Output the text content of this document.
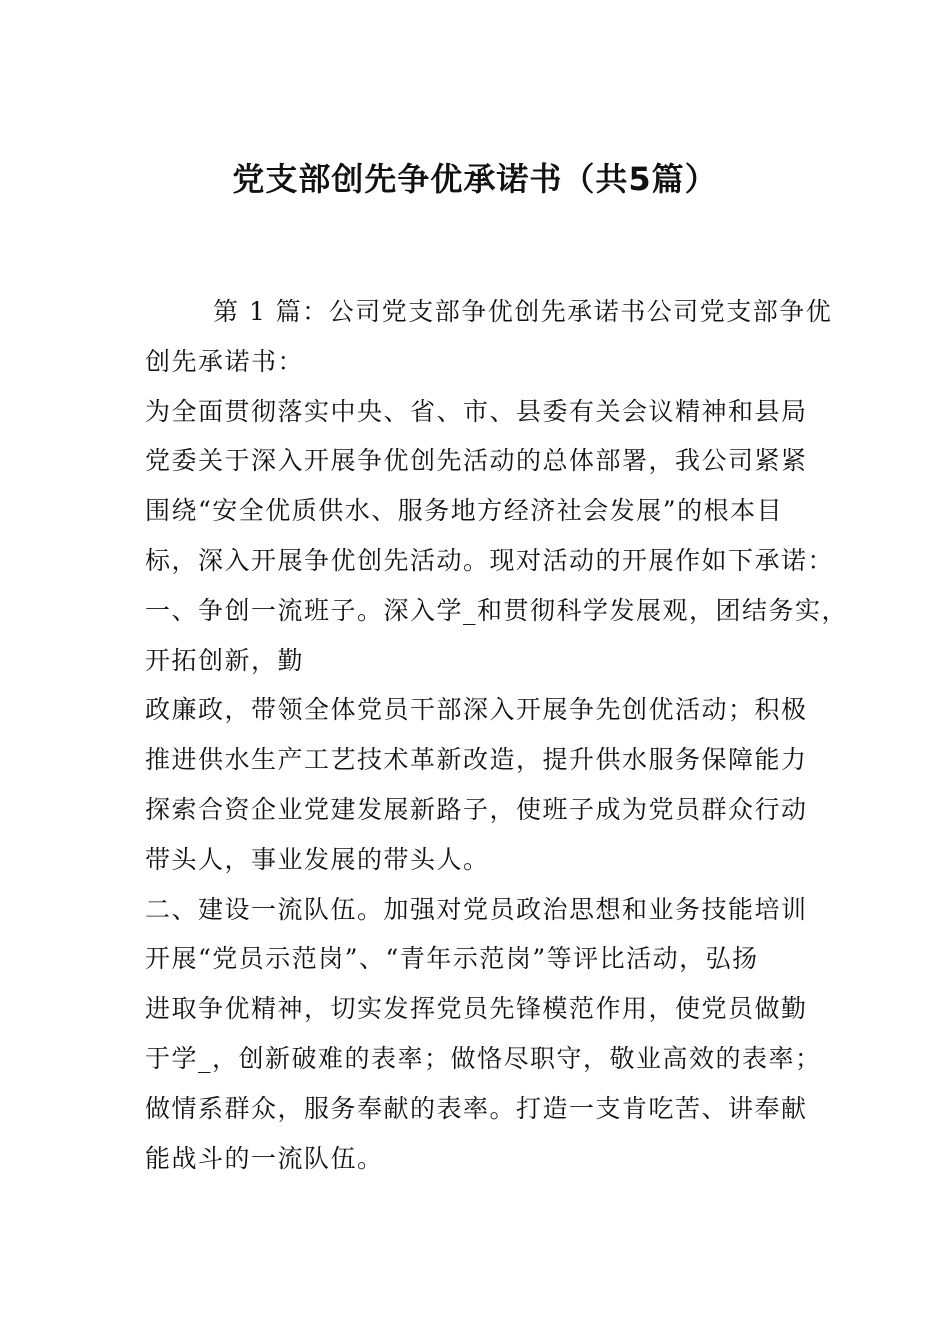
党支部创先争优承诺书（共5篇）
第 1 篇：公司党支部争优创先承诺书公司党支部争优
创先承诺书：
为全面贯彻落实中央、省、市、县委有关会议精神和县局
党委关于深入开展争优创先活动的总体部署，我公司紧紧
围绕“安全优质供水、服务地方经济社会发展”的根本目
标，深入开展争优创先活动。现对活动的开展作如下承诺：
一、争创一流班子。深入学_和贯彻科学发展观，团结务实，
开拓创新，勤
政廉政，带领全体党员干部深入开展争先创优活动；积极
推进供水生产工艺技术革新改造，提升供水服务保障能力
探索合资企业党建发展新路子，使班子成为党员群众行动
带头人，事业发展的带头人。
二、建设一流队伍。加强对党员政治思想和业务技能培训
开展“党员示范岗”、“青年示范岗”等评比活动，弘扬
进取争优精神，切实发挥党员先锋模范作用，使党员做勤
于学_，创新破难的表率；做恪尽职守，敬业高效的表率；
做情系群众，服务奉献的表率。打造一支肯吃苦、讲奉献
能战斗的一流队伍。
